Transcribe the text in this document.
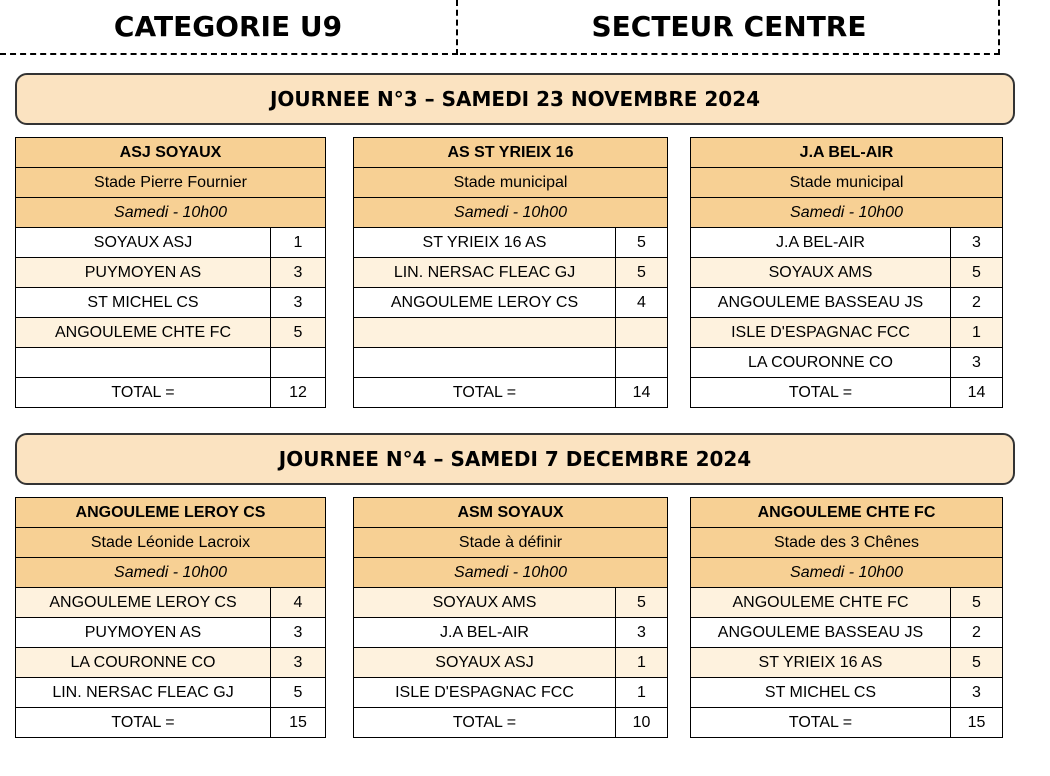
CATEGORIE U9	SECTEUR CENTRE
JOURNEE N°3 – SAMEDI 23 NOVEMBRE 2024
ASJ SOYAUX	
Stade Pierre Fournier	
Samedi - 10h00	
SOYAUX ASJ	1
PUYMOYEN AS	3
ST MICHEL CS	3
ANGOULEME CHTE FC	5

TOTAL =	12
AS ST YRIEIX 16	
Stade municipal	
Samedi - 10h00	
ST YRIEIX 16 AS	5
LIN. NERSAC FLEAC GJ	5
ANGOULEME LEROY CS	4

TOTAL =	14
J.A BEL-AIR	
Stade municipal	
Samedi - 10h00	
J.A BEL-AIR	3
SOYAUX AMS	5
ANGOULEME BASSEAU JS	2
ISLE D'ESPAGNAC FCC	1
LA COURONNE CO	3
TOTAL =	14
JOURNEE N°4 – SAMEDI 7 DECEMBRE 2024
ANGOULEME LEROY CS	
Stade Léonide Lacroix	
Samedi - 10h00	
ANGOULEME LEROY CS	4
PUYMOYEN AS	3
LA COURONNE CO	3
LIN. NERSAC FLEAC GJ	5
TOTAL =	15
ASM SOYAUX	
Stade à définir	
Samedi - 10h00	
SOYAUX AMS	5
J.A BEL-AIR	3
SOYAUX ASJ	1
ISLE D'ESPAGNAC FCC	1
TOTAL =	10
ANGOULEME CHTE FC	
Stade des 3 Chênes	
Samedi - 10h00	
ANGOULEME CHTE FC	5
ANGOULEME BASSEAU JS	2
ST YRIEIX 16 AS	5
ST MICHEL CS	3
TOTAL =	15
